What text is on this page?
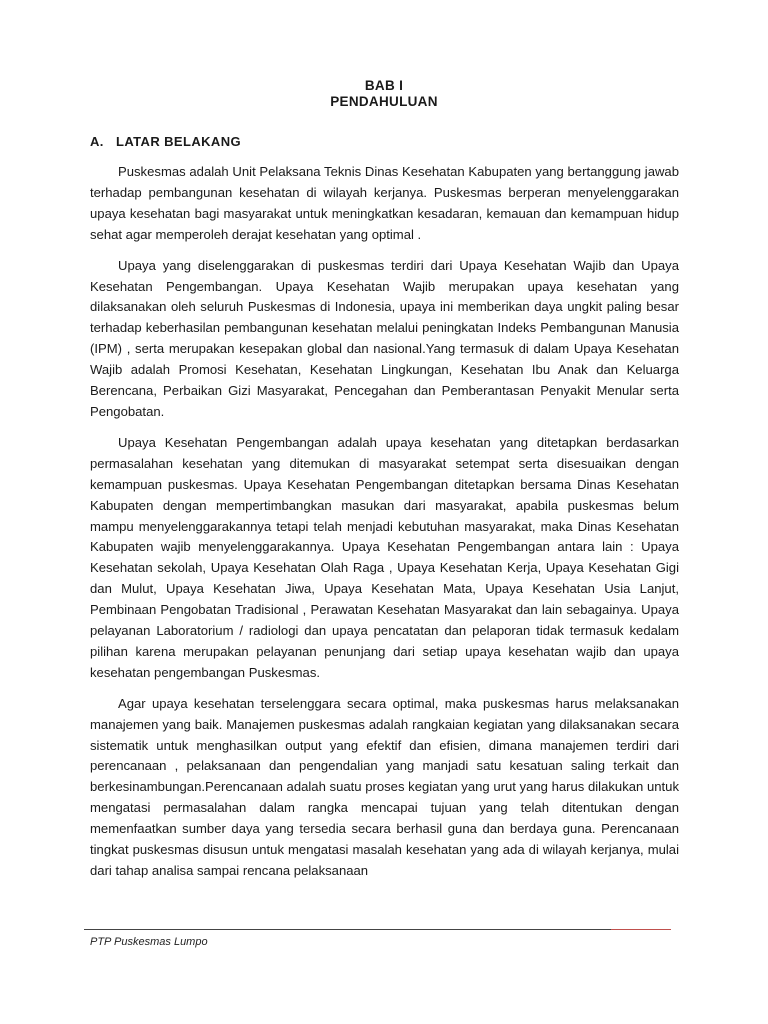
BAB I
PENDAHULUAN
A. LATAR BELAKANG

Puskesmas adalah Unit Pelaksana Teknis Dinas Kesehatan Kabupaten yang bertanggung jawab terhadap pembangunan kesehatan di wilayah kerjanya. Puskesmas berperan menyelenggarakan upaya kesehatan bagi masyarakat untuk meningkatkan kesadaran, kemauan dan kemampuan hidup sehat agar memperoleh derajat kesehatan yang optimal .

Upaya yang diselenggarakan di puskesmas terdiri dari Upaya Kesehatan Wajib dan Upaya Kesehatan Pengembangan. Upaya Kesehatan Wajib merupakan upaya kesehatan yang dilaksanakan oleh seluruh Puskesmas di Indonesia, upaya ini memberikan daya ungkit paling besar terhadap keberhasilan pembangunan kesehatan melalui peningkatan Indeks Pembangunan Manusia (IPM) , serta merupakan kesepakan global dan nasional.Yang termasuk di dalam Upaya Kesehatan Wajib adalah Promosi Kesehatan, Kesehatan Lingkungan, Kesehatan Ibu Anak dan Keluarga Berencana, Perbaikan Gizi Masyarakat, Pencegahan dan Pemberantasan Penyakit Menular serta Pengobatan.

Upaya Kesehatan Pengembangan adalah upaya kesehatan yang ditetapkan berdasarkan permasalahan kesehatan yang ditemukan di masyarakat setempat serta disesuaikan dengan kemampuan puskesmas. Upaya Kesehatan Pengembangan ditetapkan bersama Dinas Kesehatan Kabupaten dengan mempertimbangkan masukan dari masyarakat, apabila puskesmas belum mampu menyelenggarakannya tetapi telah menjadi kebutuhan masyarakat, maka Dinas Kesehatan Kabupaten wajib menyelenggarakannya. Upaya Kesehatan Pengembangan antara lain : Upaya Kesehatan sekolah, Upaya Kesehatan Olah Raga , Upaya Kesehatan Kerja, Upaya Kesehatan Gigi dan Mulut, Upaya Kesehatan Jiwa, Upaya Kesehatan Mata, Upaya Kesehatan Usia Lanjut, Pembinaan Pengobatan Tradisional , Perawatan Kesehatan Masyarakat dan lain sebagainya. Upaya pelayanan Laboratorium / radiologi dan upaya pencatatan dan pelaporan tidak termasuk kedalam pilihan karena merupakan pelayanan penunjang dari setiap upaya kesehatan wajib dan upaya kesehatan pengembangan Puskesmas.

Agar upaya kesehatan terselenggara secara optimal, maka puskesmas harus melaksanakan manajemen yang baik. Manajemen puskesmas adalah rangkaian kegiatan yang dilaksanakan secara sistematik untuk menghasilkan output yang efektif dan efisien, dimana manajemen terdiri dari perencanaan , pelaksanaan dan pengendalian yang manjadi satu kesatuan saling terkait dan berkesinambungan.Perencanaan adalah suatu proses kegiatan yang urut yang harus dilakukan untuk mengatasi permasalahan dalam rangka mencapai tujuan yang telah ditentukan dengan memenfaatkan sumber daya yang tersedia secara berhasil guna dan berdaya guna. Perencanaan tingkat puskesmas disusun untuk mengatasi masalah kesehatan yang ada di wilayah kerjanya, mulai dari tahap analisa sampai rencana pelaksanaan

PTP Puskesmas Lumpo
